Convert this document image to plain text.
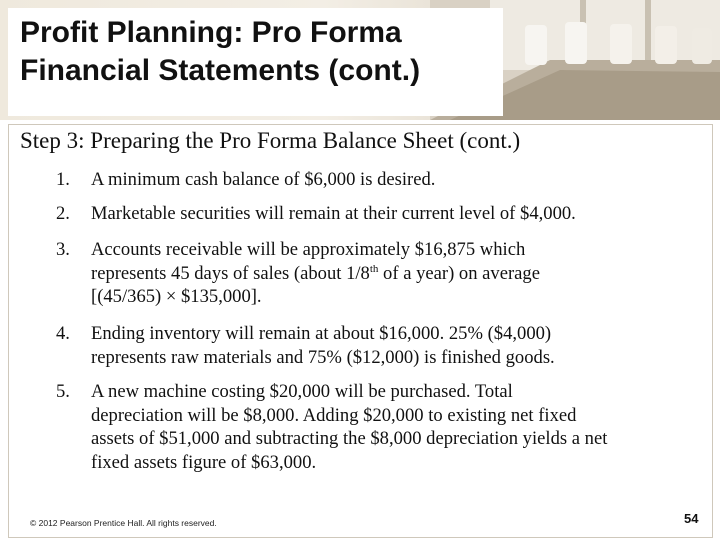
Profit Planning: Pro Forma
Financial Statements (cont.)
Step 3: Preparing the Pro Forma Balance Sheet (cont.)
1.	A minimum cash balance of $6,000 is desired.
2.	Marketable securities will remain at their current level of $4,000.
3.	Accounts receivable will be approximately $16,875 which
represents 45 days of sales (about 1/8th of a year) on average
[(45/365) × $135,000].
4.	Ending inventory will remain at about $16,000. 25% ($4,000)
represents raw materials and 75% ($12,000) is finished goods.
5.	A new machine costing $20,000 will be purchased. Total
depreciation will be $8,000. Adding $20,000 to existing net fixed
assets of $51,000 and subtracting the $8,000 depreciation yields a net
fixed assets figure of $63,000.
© 2012 Pearson Prentice Hall. All rights reserved.	54
